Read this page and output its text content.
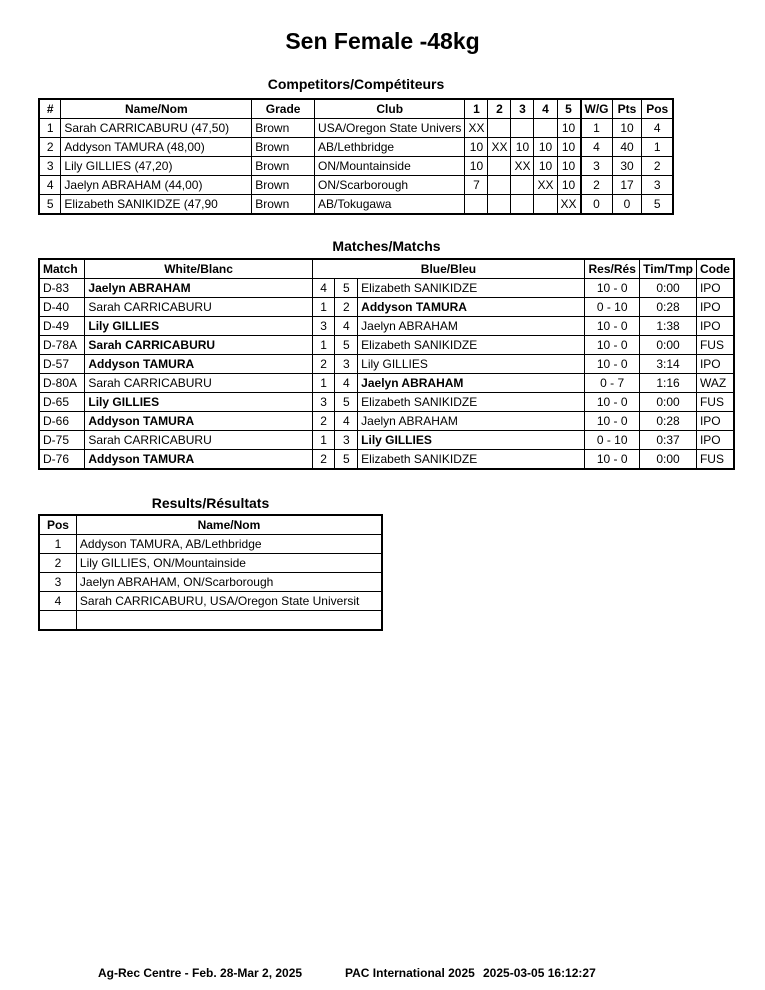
Sen Female -48kg
Competitors/Compétiteurs
#	Name/Nom	Grade	Club	1	2	3	4	5	W/G	Pts	Pos
1	Sarah CARRICABURU (47,50)	Brown	USA/Oregon State Univers	XX				10	1	10	4
2	Addyson TAMURA (48,00)	Brown	AB/Lethbridge	10	XX	10	10	10	4	40	1
3	Lily GILLIES (47,20)	Brown	ON/Mountainside	10		XX	10	10	3	30	2
4	Jaelyn ABRAHAM (44,00)	Brown	ON/Scarborough	7			XX	10	2	17	3
5	Elizabeth SANIKIDZE (47,90	Brown	AB/Tokugawa					XX	0	0	5
Matches/Matchs
Match	White/Blanc	Blue/Bleu			Res/Rés	Tim/Tmp	Code
D-83	Jaelyn ABRAHAM	4	5	Elizabeth SANIKIDZE	10 - 0	0:00	IPO
D-40	Sarah CARRICABURU	1	2	Addyson TAMURA	0 - 10	0:28	IPO
D-49	Lily GILLIES	3	4	Jaelyn ABRAHAM	10 - 0	1:38	IPO
D-78A	Sarah CARRICABURU	1	5	Elizabeth SANIKIDZE	10 - 0	0:00	FUS
D-57	Addyson TAMURA	2	3	Lily GILLIES	10 - 0	3:14	IPO
D-80A	Sarah CARRICABURU	1	4	Jaelyn ABRAHAM	0 - 7	1:16	WAZ
D-65	Lily GILLIES	3	5	Elizabeth SANIKIDZE	10 - 0	0:00	FUS
D-66	Addyson TAMURA	2	4	Jaelyn ABRAHAM	10 - 0	0:28	IPO
D-75	Sarah CARRICABURU	1	3	Lily GILLIES	0 - 10	0:37	IPO
D-76	Addyson TAMURA	2	5	Elizabeth SANIKIDZE	10 - 0	0:00	FUS
Results/Résultats
Pos	Name/Nom
1	Addyson TAMURA, AB/Lethbridge
2	Lily GILLIES, ON/Mountainside
3	Jaelyn ABRAHAM, ON/Scarborough
4	Sarah CARRICABURU, USA/Oregon State Universit

Ag-Rec Centre - Feb. 28-Mar 2, 2025	PAC International 2025 2025-03-05 16:12:27
